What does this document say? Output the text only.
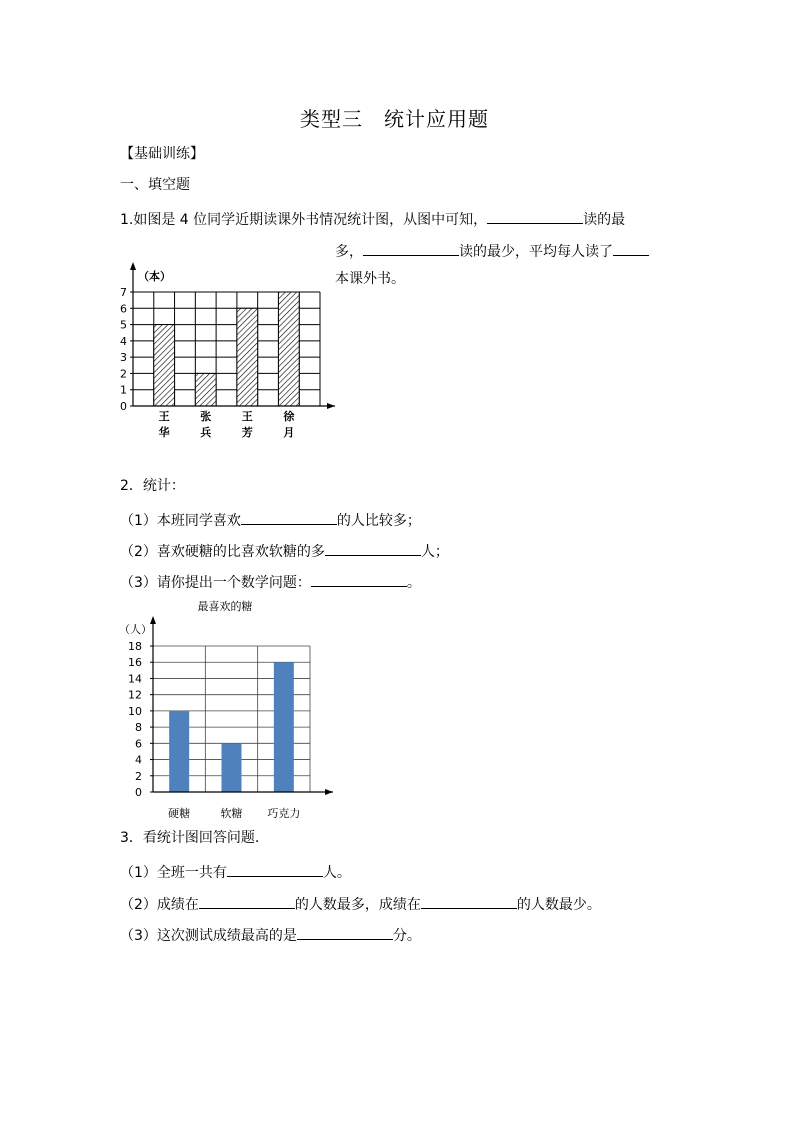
类型三　统计应用题
【基础训练】
一、填空题
1.如图是 4 位同学近期读课外书情况统计图，从图中可知，	读的最
多，	读的最少，平均每人读了
本课外书。
0
1
2
3
4
5
6
7
王
华
张
兵
王
芳
徐
月
（本）
2．统计：
（1）本班同学喜欢	的人比较多；
（2）喜欢硬糖的比喜欢软糖的多	人；
（3）请你提出一个数学问题：	。
0
2
4
6
8
10
12
14
16
18
硬糖	软糖 巧克力
（人）
最喜欢的糖
3．看统计图回答问题.
（1）全班一共有	人。
（2）成绩在	的人数最多，成绩在	的人数最少。
（3）这次测试成绩最高的是	分。
